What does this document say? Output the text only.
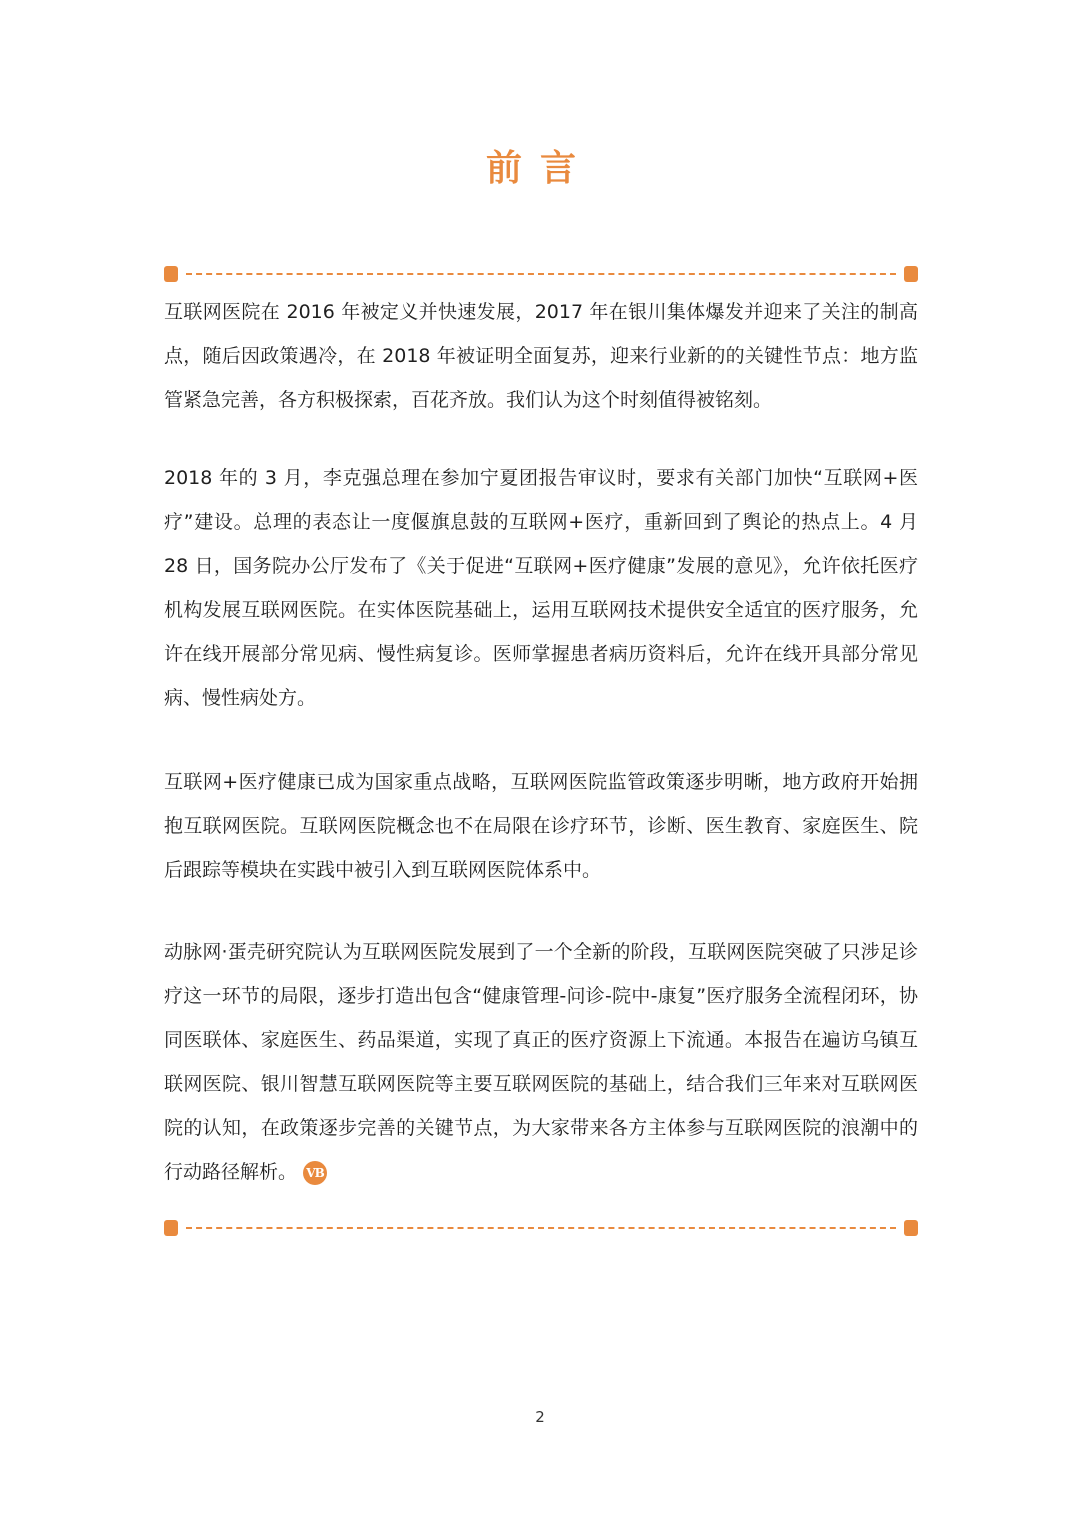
前言

互联网医院在 2016 年被定义并快速发展，2017 年在银川集体爆发并迎来了关注的制高点，随后因政策遇冷，在 2018 年被证明全面复苏，迎来行业新的的关键性节点：地方监管紧急完善，各方积极探索，百花齐放。我们认为这个时刻值得被铭刻。

2018 年的 3 月，李克强总理在参加宁夏团报告审议时，要求有关部门加快“互联网+医疗”建设。总理的表态让一度偃旗息鼓的互联网+医疗，重新回到了舆论的热点上。4 月 28 日，国务院办公厅发布了《关于促进“互联网+医疗健康”发展的意见》，允许依托医疗机构发展互联网医院。在实体医院基础上，运用互联网技术提供安全适宜的医疗服务，允许在线开展部分常见病、慢性病复诊。医师掌握患者病历资料后，允许在线开具部分常见病、慢性病处方。

互联网+医疗健康已成为国家重点战略，互联网医院监管政策逐步明晰，地方政府开始拥抱互联网医院。互联网医院概念也不在局限在诊疗环节，诊断、医生教育、家庭医生、院后跟踪等模块在实践中被引入到互联网医院体系中。

动脉网·蛋壳研究院认为互联网医院发展到了一个全新的阶段，互联网医院突破了只涉足诊疗这一环节的局限，逐步打造出包含“健康管理-问诊-院中-康复”医疗服务全流程闭环，协同医联体、家庭医生、药品渠道，实现了真正的医疗资源上下流通。本报告在遍访乌镇互联网医院、银川智慧互联网医院等主要互联网医院的基础上，结合我们三年来对互联网医院的认知，在政策逐步完善的关键节点，为大家带来各方主体参与互联网医院的浪潮中的行动路径解析。 VB

2
